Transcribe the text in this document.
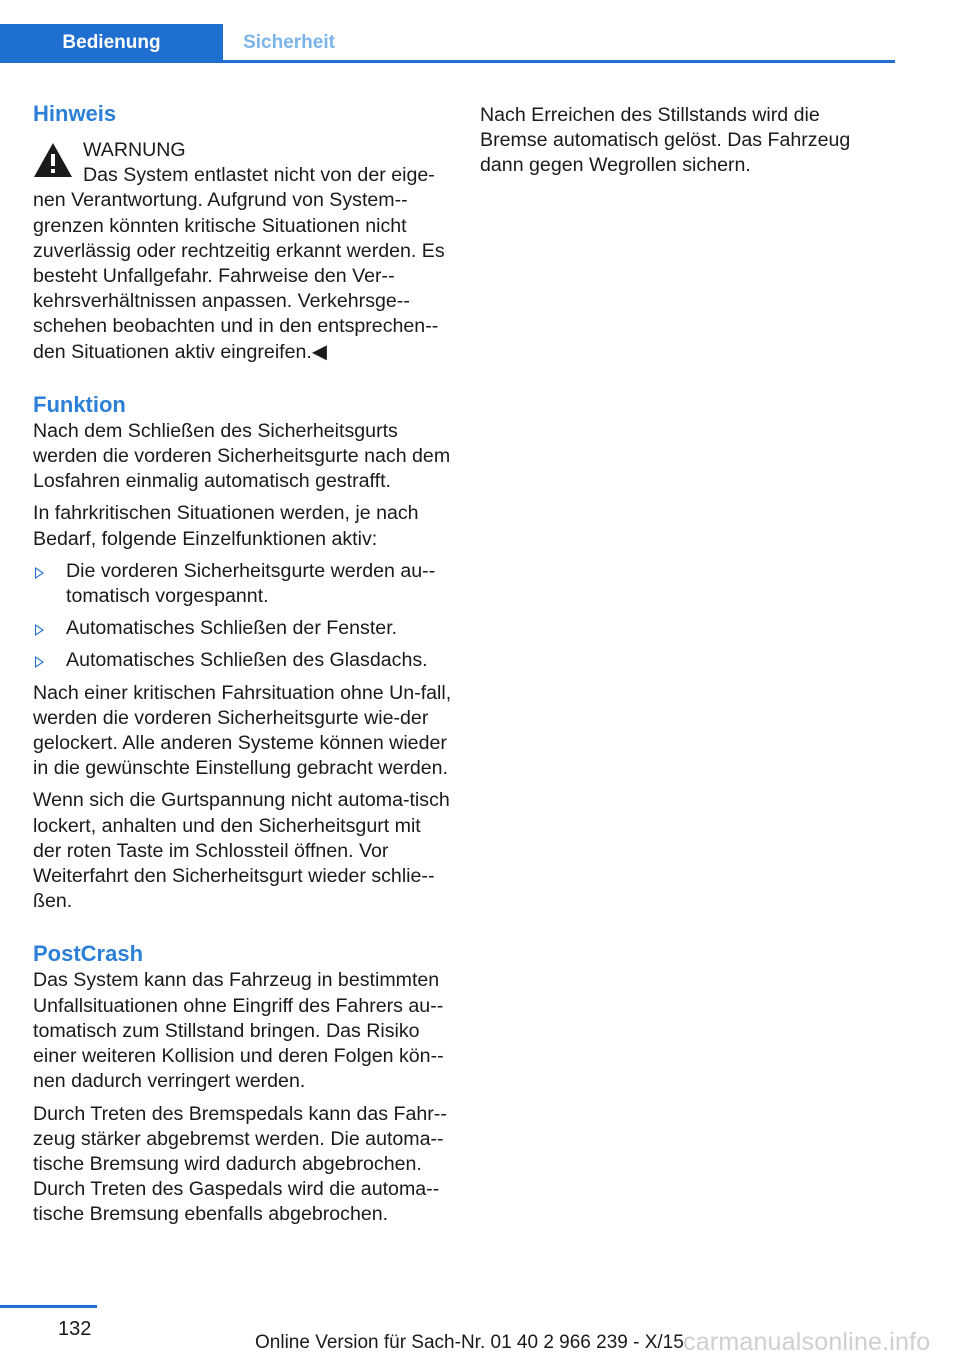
Bedienung	Sicherheit

Hinweis

WARNUNG

Das System entlastet nicht von der eige-

nen Verantwortung. Aufgrund von System-grenzen könnten kritische Situationen nicht zuverlässig oder rechtzeitig erkannt werden. Es besteht Unfallgefahr. Fahrweise den Ver-kehrsverhältnissen anpassen. Verkehrsge-schehen beobachten und in den entsprechen-den Situationen aktiv eingreifen.◀

Funktion

Nach dem Schließen des Sicherheitsgurts werden die vorderen Sicherheitsgurte nach dem Losfahren einmalig automatisch gestrafft.

In fahrkritischen Situationen werden, je nach Bedarf, folgende Einzelfunktionen aktiv:

Die vorderen Sicherheitsgurte werden au-tomatisch vorgespannt.
Automatisches Schließen der Fenster.
Automatisches Schließen des Glasdachs.

Nach einer kritischen Fahrsituation ohne Un-fall, werden die vorderen Sicherheitsgurte wie-der gelockert. Alle anderen Systeme können wieder in die gewünschte Einstellung gebracht werden.

Wenn sich die Gurtspannung nicht automa-tisch lockert, anhalten und den Sicherheitsgurt mit der roten Taste im Schlossteil öffnen. Vor Weiterfahrt den Sicherheitsgurt wieder schlie-ßen.

PostCrash

Das System kann das Fahrzeug in bestimmten Unfallsituationen ohne Eingriff des Fahrers au-tomatisch zum Stillstand bringen. Das Risiko einer weiteren Kollision und deren Folgen kön-nen dadurch verringert werden.

Durch Treten des Bremspedals kann das Fahr-zeug stärker abgebremst werden. Die automa-tische Bremsung wird dadurch abgebrochen. Durch Treten des Gaspedals wird die automa-tische Bremsung ebenfalls abgebrochen.

Nach Erreichen des Stillstands wird die Bremse automatisch gelöst. Das Fahrzeug dann gegen Wegrollen sichern.

132
Online Version für Sach-Nr. 01 40 2 966 239 - X/15 carmanualsonline.info
